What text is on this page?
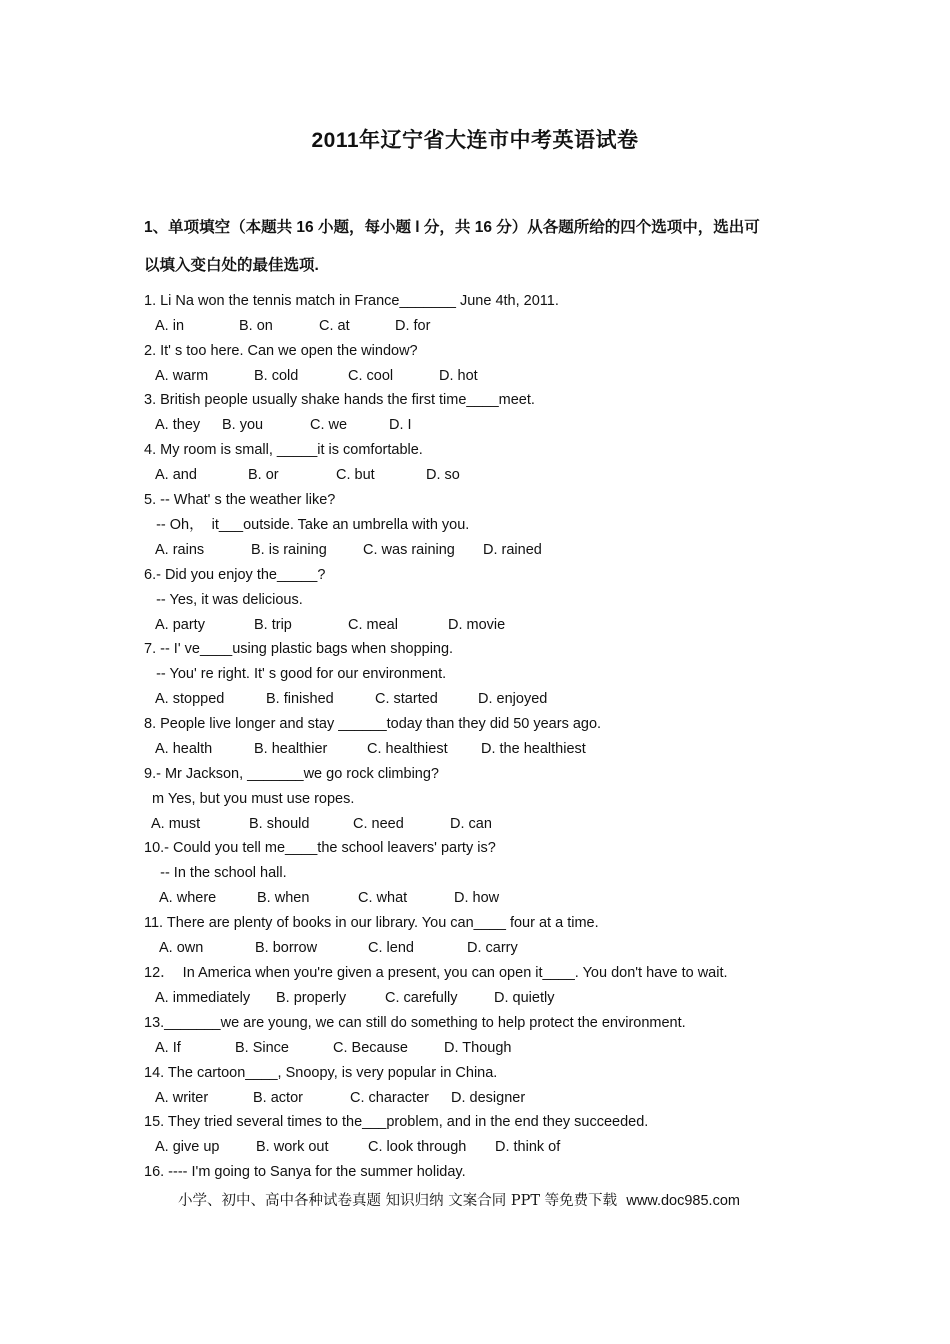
2011年辽宁省大连市中考英语试卷
1、单项填空（本题共 16 小题，每小题 l 分，共 16 分）从各题所给的四个选项中，选出可
以填入变白处的最佳选项.
1. Li Na won the tennis match in France_______ June 4th, 2011.
A. in	B. on	C. at	D. for
2. It' s too here. Can we open the window?
A. warm	B. cold	C. cool	D. hot
3. British people usually shake hands the first time____meet.
A. they B. you	C. we	D. I
4. My room is small, _____it is comfortable.
A. and	B. or	C. but	D. so
5. -- What' s the weather like?
-- Oh，  it___outside. Take an umbrella with you.
A. rains	B. is raining C. was raining D. rained
6.- Did you enjoy the_____?
-- Yes, it was delicious.
A. party	B. trip	C. meal	D. movie
7. -- I' ve____using plastic bags when shopping.
-- You' re right. It' s good for our environment.
A. stopped	B. finished	C. started	D. enjoyed
8. People live longer and stay ______today than they did 50 years ago.
A. health	B. healthier	C. healthiest D. the healthiest
9.- Mr Jackson, _______we go rock climbing?
m Yes, but you must use ropes.
A. must	B. should	C. need	D. can
10.- Could you tell me____the school leavers' party is?
-- In the school hall.
A. where	B. when	C. what	D. how
11. There are plenty of books in our library. You can____ four at a time.
A. own	B. borrow	C. lend	D. carry
12．  In America when you're given a present, you can open it____. You don't have to wait.
A. immediately B. properly	C. carefully	D. quietly
13._______we are young, we can still do something to help protect the environment.
A. If	B. Since	C. Because D. Though
14. The cartoon____, Snoopy, is very popular in China.
A. writer	B. actor	C. character D. designer
15. They tried several times to the___problem, and in the end they succeeded.
A. give up	B. work out	C. look through D. think of
16. ---- I'm going to Sanya for the summer holiday.
小学、初中、高中各种试卷真题 知识归纳 文案合同 PPT 等免费下载 www.doc985.com
